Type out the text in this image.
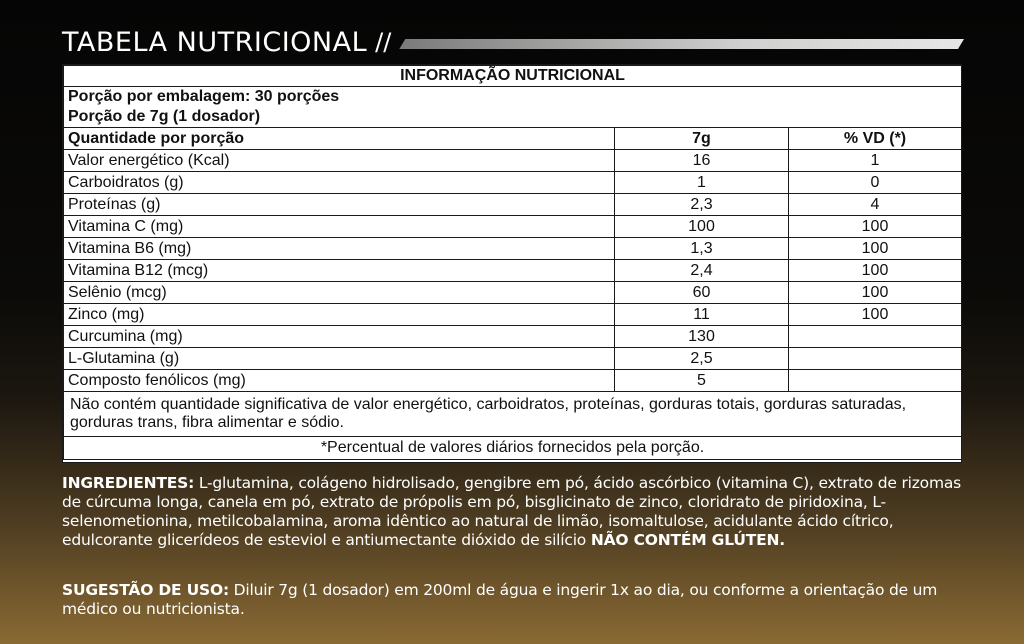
TABELA NUTRICIONAL //
INFORMAÇÃO NUTRICIONAL		

Porção por embalagem: 30 porções
Porção de 7g (1 dosador)		

Quantidade por porção	7g	% VD (*)
Valor energético (Kcal)	16	1
Carboidratos (g)	1	0
Proteínas (g)	2,3	4
Vitamina C (mg)	100	100
Vitamina B6 (mg)	1,3	100
Vitamina B12 (mcg)	2,4	100
Selênio (mcg)	60	100
Zinco (mg)	11	100
Curcumina (mg)	130	
L-Glutamina (g)	2,5	
Composto fenólicos (mg)	5	
Não contém quantidade significativa de valor energético, carboidratos, proteínas, gorduras totais, gorduras saturadas, gorduras trans, fibra alimentar e sódio.		
*Percentual de valores diários fornecidos pela porção.		
INGREDIENTES: L-glutamina, colágeno hidrolisado, gengibre em pó, ácido ascórbico (vitamina C), extrato de rizomas de cúrcuma longa, canela em pó, extrato de própolis em pó, bisglicinato de zinco, cloridrato de piridoxina, L-selenometionina, metilcobalamina, aroma idêntico ao natural de limão, isomaltulose, acidulante ácido cítrico, edulcorante glicerídeos de esteviol e antiumectante dióxido de silício NÃO CONTÉM GLÚTEN.
SUGESTÃO DE USO: Diluir 7g (1 dosador) em 200ml de água e ingerir 1x ao dia, ou conforme a orientação de um médico ou nutricionista.
